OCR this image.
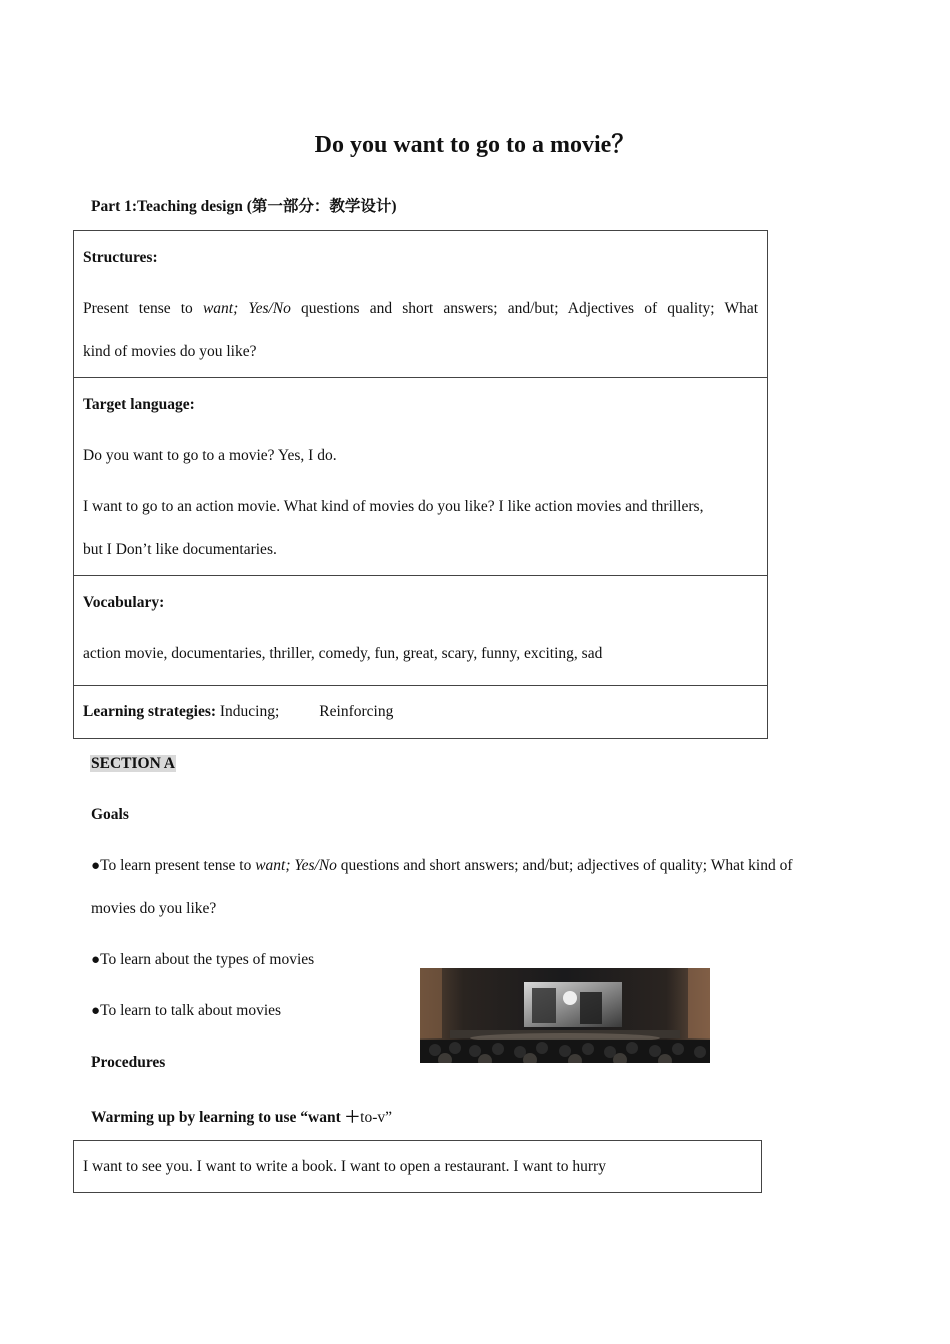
Do you want to go to a movie？
Part 1:Teaching design (第一部分：教学设计)
Structures:
Present tense to want; Yes/No questions and short answers; and/but; Adjectives of quality; What
kind of movies do you like?
Target language:
Do you want to go to a movie? Yes, I do.
I want to go to an action movie. What kind of movies do you like? I like action movies and thrillers,
but I Don’t like documentaries.
Vocabulary:
action movie, documentaries, thriller, comedy, fun, great, scary, funny, exciting, sad
Learning strategies: Inducing;	Reinforcing
SECTION A
Goals
●To learn present tense to want; Yes/No questions and short answers; and/but; adjectives of quality; What kind of
movies do you like?
●To learn about the types of movies
●To learn to talk about movies
Procedures
Warming up by learning to use “want ＋to-v”
I want to see you. I want to write a book. I want to open a restaurant. I want to hurry
